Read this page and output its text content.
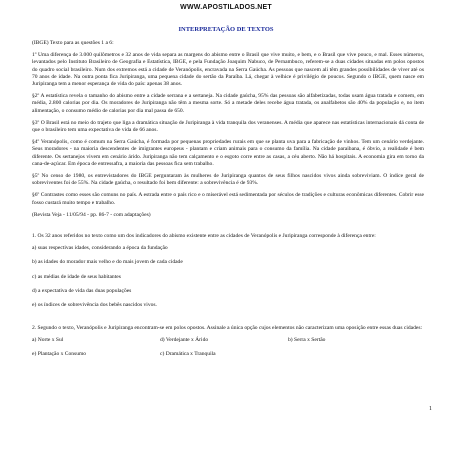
WWW.APOSTILADOS.NET
INTERPRETAÇÃO DE TEXTOS

(IBGE) Texto para as questões 1 a 6:

1º Uma diferença de 3.000 quilômetros e 32 anos de vida separa as margens do abismo entre o Brasil que vive muito, e bem, e o Brasil que vive pouco, e mal. Esses números, levantados pelo Instituto Brasileiro de Geografia e Estatística, IBGE, e pela Fundação Joaquim Nabuco, de Pernambuco, referem-se a duas cidades situadas em polos opostos do quadro social brasileiro. Num dos extremos está a cidade de Veranópolis, encravada na Serra Gaúcha. As pessoas que nascem ali têm grandes possibilidades de viver até os 70 anos de idade. Na outra ponta fica Juripiranga, uma pequena cidade do sertão da Paraíba. Lá, chegar à velhice é privilégio de poucos. Segundo o IBGE, quem nasce em Juripiranga tem a menor esperança de vida do país: apenas 38 anos.

§2º A estatística revela o tamanho do abismo entre a cidade serrana e a sertaneja. Na cidade gaúcha, 95% das pessoas são alfabetizadas, todas usam água tratada e comem, em média, 2.800 calorias por dia. Os moradores de Juripiranga não têm a mesma sorte. Só a metade deles recebe água tratada, os analfabetos são 40% da população e, no item alimentação, o consumo médio de calorias por dia mal passa de 650.

§3º O Brasil está no meio do trajeto que liga a dramática situação de Juripiranga à vida tranquila dos veranenses. A média que aparece nas estatísticas internacionais dá conta de que o brasileiro tem uma expectativa de vida de 66 anos.

§4º Veranópolis, como é comum na Serra Gaúcha, é formada por pequenas propriedades rurais em que se planta uva para a fabricação de vinhos. Tem um cenário verdejante. Seus moradores - na maioria descendentes de imigrantes europeus - plantam e criam animais para o consumo da família. Na cidade paraibana, é óbvio, a realidade é bem diferente. Os sertanejos vivem em cenário árido. Juripiranga não tem calçamento e o esgoto corre entre as casas, a céu aberto. Não há hospitais. A economia gira em torno da cana-de-açúcar. Em época de entressafra, a maioria das pessoas fica sem trabalho.

§5º No censo de 1980, os entrevistadores do IBGE perguntaram às mulheres de Juripiranga quantos de seus filhos nascidos vivos ainda sobreviviam. O índice geral de sobreviventes foi de 55%. Na cidade gaúcha, o resultado foi bem diferente: a sobrevivência é de 93%.

§6º Contrastes como esses são comuns no país. A estrada entre o país rico e o miserável está sedimentada por séculos de tradições e culturas econômicas diferentes. Cobrir esse fosso custará muito tempo e trabalho.

(Revista Veja - 11/05/94 - pp. 86-7 - com adaptações)

1. Os 32 anos referidos no texto como um dos indicadores do abismo existente entre as cidades de Veranópolis e Juripiranga corresponde à diferença entre:

a) suas respectivas idades, considerando a época da fundação
b) as idades do morador mais velho e do mais jovem de cada cidade
c) as médias de idade de seus habitantes
d) a expectativa de vida das duas populações
e) os índices de sobrevivência dos bebês nascidos vivos.

2. Segundo o texto, Veranópolis e Juripiranga encontram-se em polos opostos. Assinale a única opção cujos elementos não caracterizam uma oposição entre essas duas cidades:

a) Norte x Sul	d) Verdejante x Árido	b) Serra x Sertão
e) Plantação x Consumo	c) Dramática x Tranquila
1
